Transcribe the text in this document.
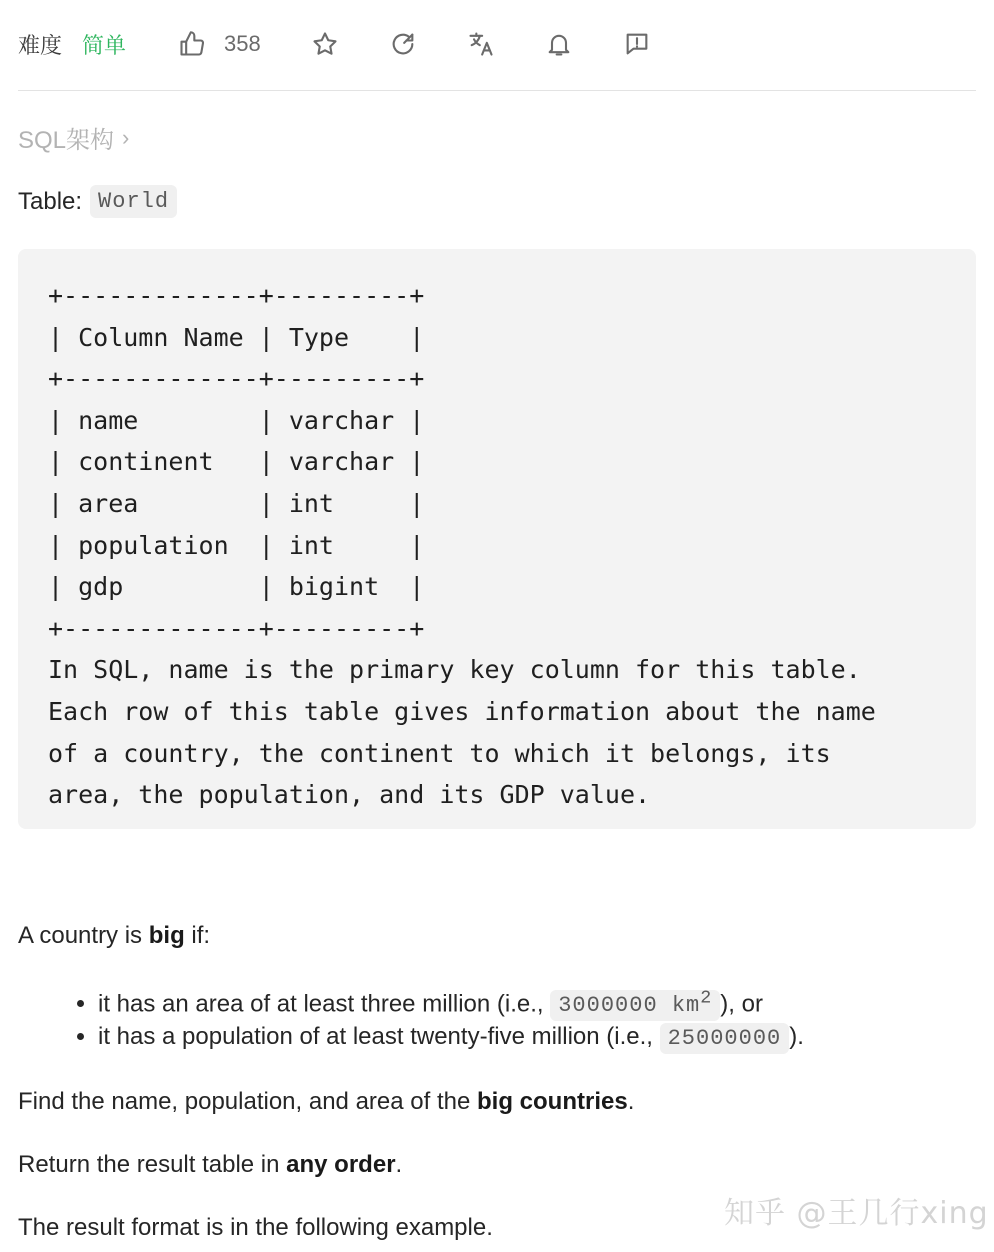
难度 简单	358
SQL架构 ›
Table: World
+-------------+---------+
| Column Name | Type    |
+-------------+---------+
| name        | varchar |
| continent   | varchar |
| area        | int     |
| population  | int     |
| gdp         | bigint  |
+-------------+---------+
In SQL, name is the primary key column for this table.
Each row of this table gives information about the name
of a country, the continent to which it belongs, its
area, the population, and its GDP value.
A country is big if:
• it has an area of at least three million (i.e., 3000000 $km^2$ ), or
• it has a population of at least twenty-five million (i.e., 25000000 ).
Find the name, population, and area of the big countries.
Return the result table in any order.
The result format is in the following example.	知乎 @王几行xing
